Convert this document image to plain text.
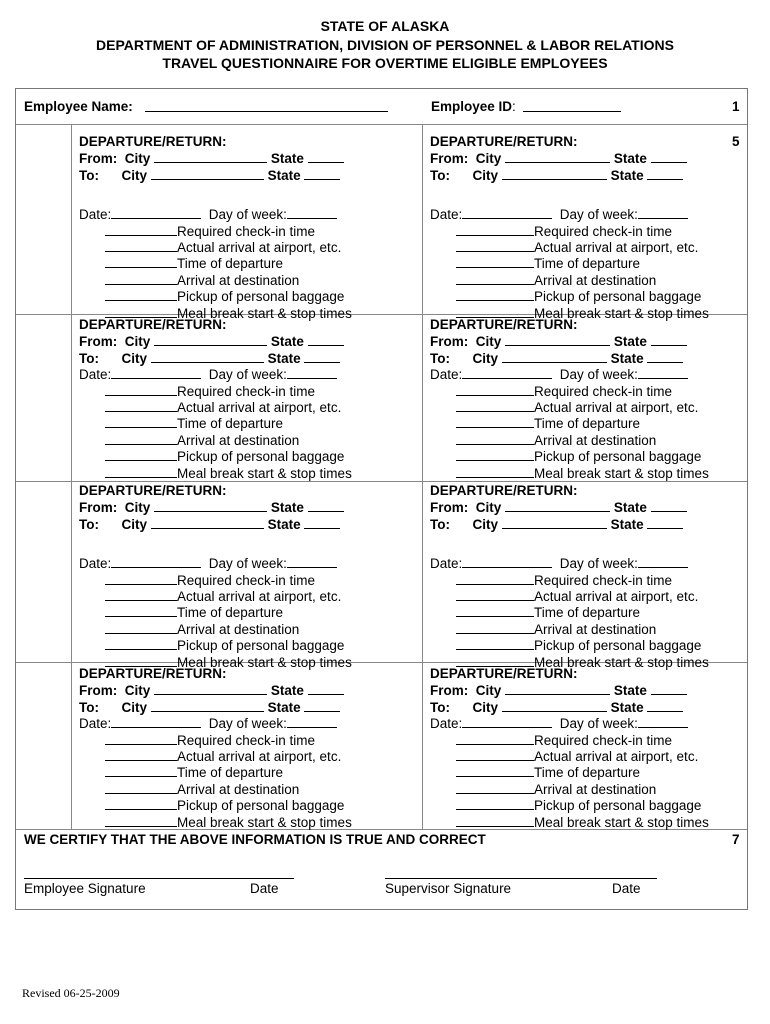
STATE OF ALASKA
DEPARTMENT OF ADMINISTRATION, DIVISION OF PERSONNEL & LABOR RELATIONS
TRAVEL QUESTIONNAIRE FOR OVERTIME ELIGIBLE EMPLOYEES
Employee Name:	Employee ID:	1
5
DEPARTURE/RETURN:
From: City	State
To: City	State
Date:	Day of week:
Required check-in time
Actual arrival at airport, etc.
Time of departure
Arrival at destination
Pickup of personal baggage
Meal break start & stop times
DEPARTURE/RETURN:
From: City	State
To: City	State
Date:	Day of week:
Required check-in time
Actual arrival at airport, etc.
Time of departure
Arrival at destination
Pickup of personal baggage
Meal break start & stop times
DEPARTURE/RETURN:
From: City	State
To: City	State
Date:	Day of week:
Required check-in time
Actual arrival at airport, etc.
Time of departure
Arrival at destination
Pickup of personal baggage
Meal break start & stop times
DEPARTURE/RETURN:
From: City	State
To: City	State
Date:	Day of week:
Required check-in time
Actual arrival at airport, etc.
Time of departure
Arrival at destination
Pickup of personal baggage
Meal break start & stop times
DEPARTURE/RETURN:
From: City	State
To: City	State
Date:	Day of week:
Required check-in time
Actual arrival at airport, etc.
Time of departure
Arrival at destination
Pickup of personal baggage
Meal break start & stop times
DEPARTURE/RETURN:
From: City	State
To: City	State
Date:	Day of week:
Required check-in time
Actual arrival at airport, etc.
Time of departure
Arrival at destination
Pickup of personal baggage
Meal break start & stop times
DEPARTURE/RETURN:
From: City	State
To: City	State
Date:	Day of week:
Required check-in time
Actual arrival at airport, etc.
Time of departure
Arrival at destination
Pickup of personal baggage
Meal break start & stop times
DEPARTURE/RETURN:
From: City	State
To: City	State
Date:	Day of week:
Required check-in time
Actual arrival at airport, etc.
Time of departure
Arrival at destination
Pickup of personal baggage
Meal break start & stop times
WE CERTIFY THAT THE ABOVE INFORMATION IS TRUE AND CORRECT	7
Employee Signature	Date	Supervisor Signature	Date
Revised 06-25-2009
